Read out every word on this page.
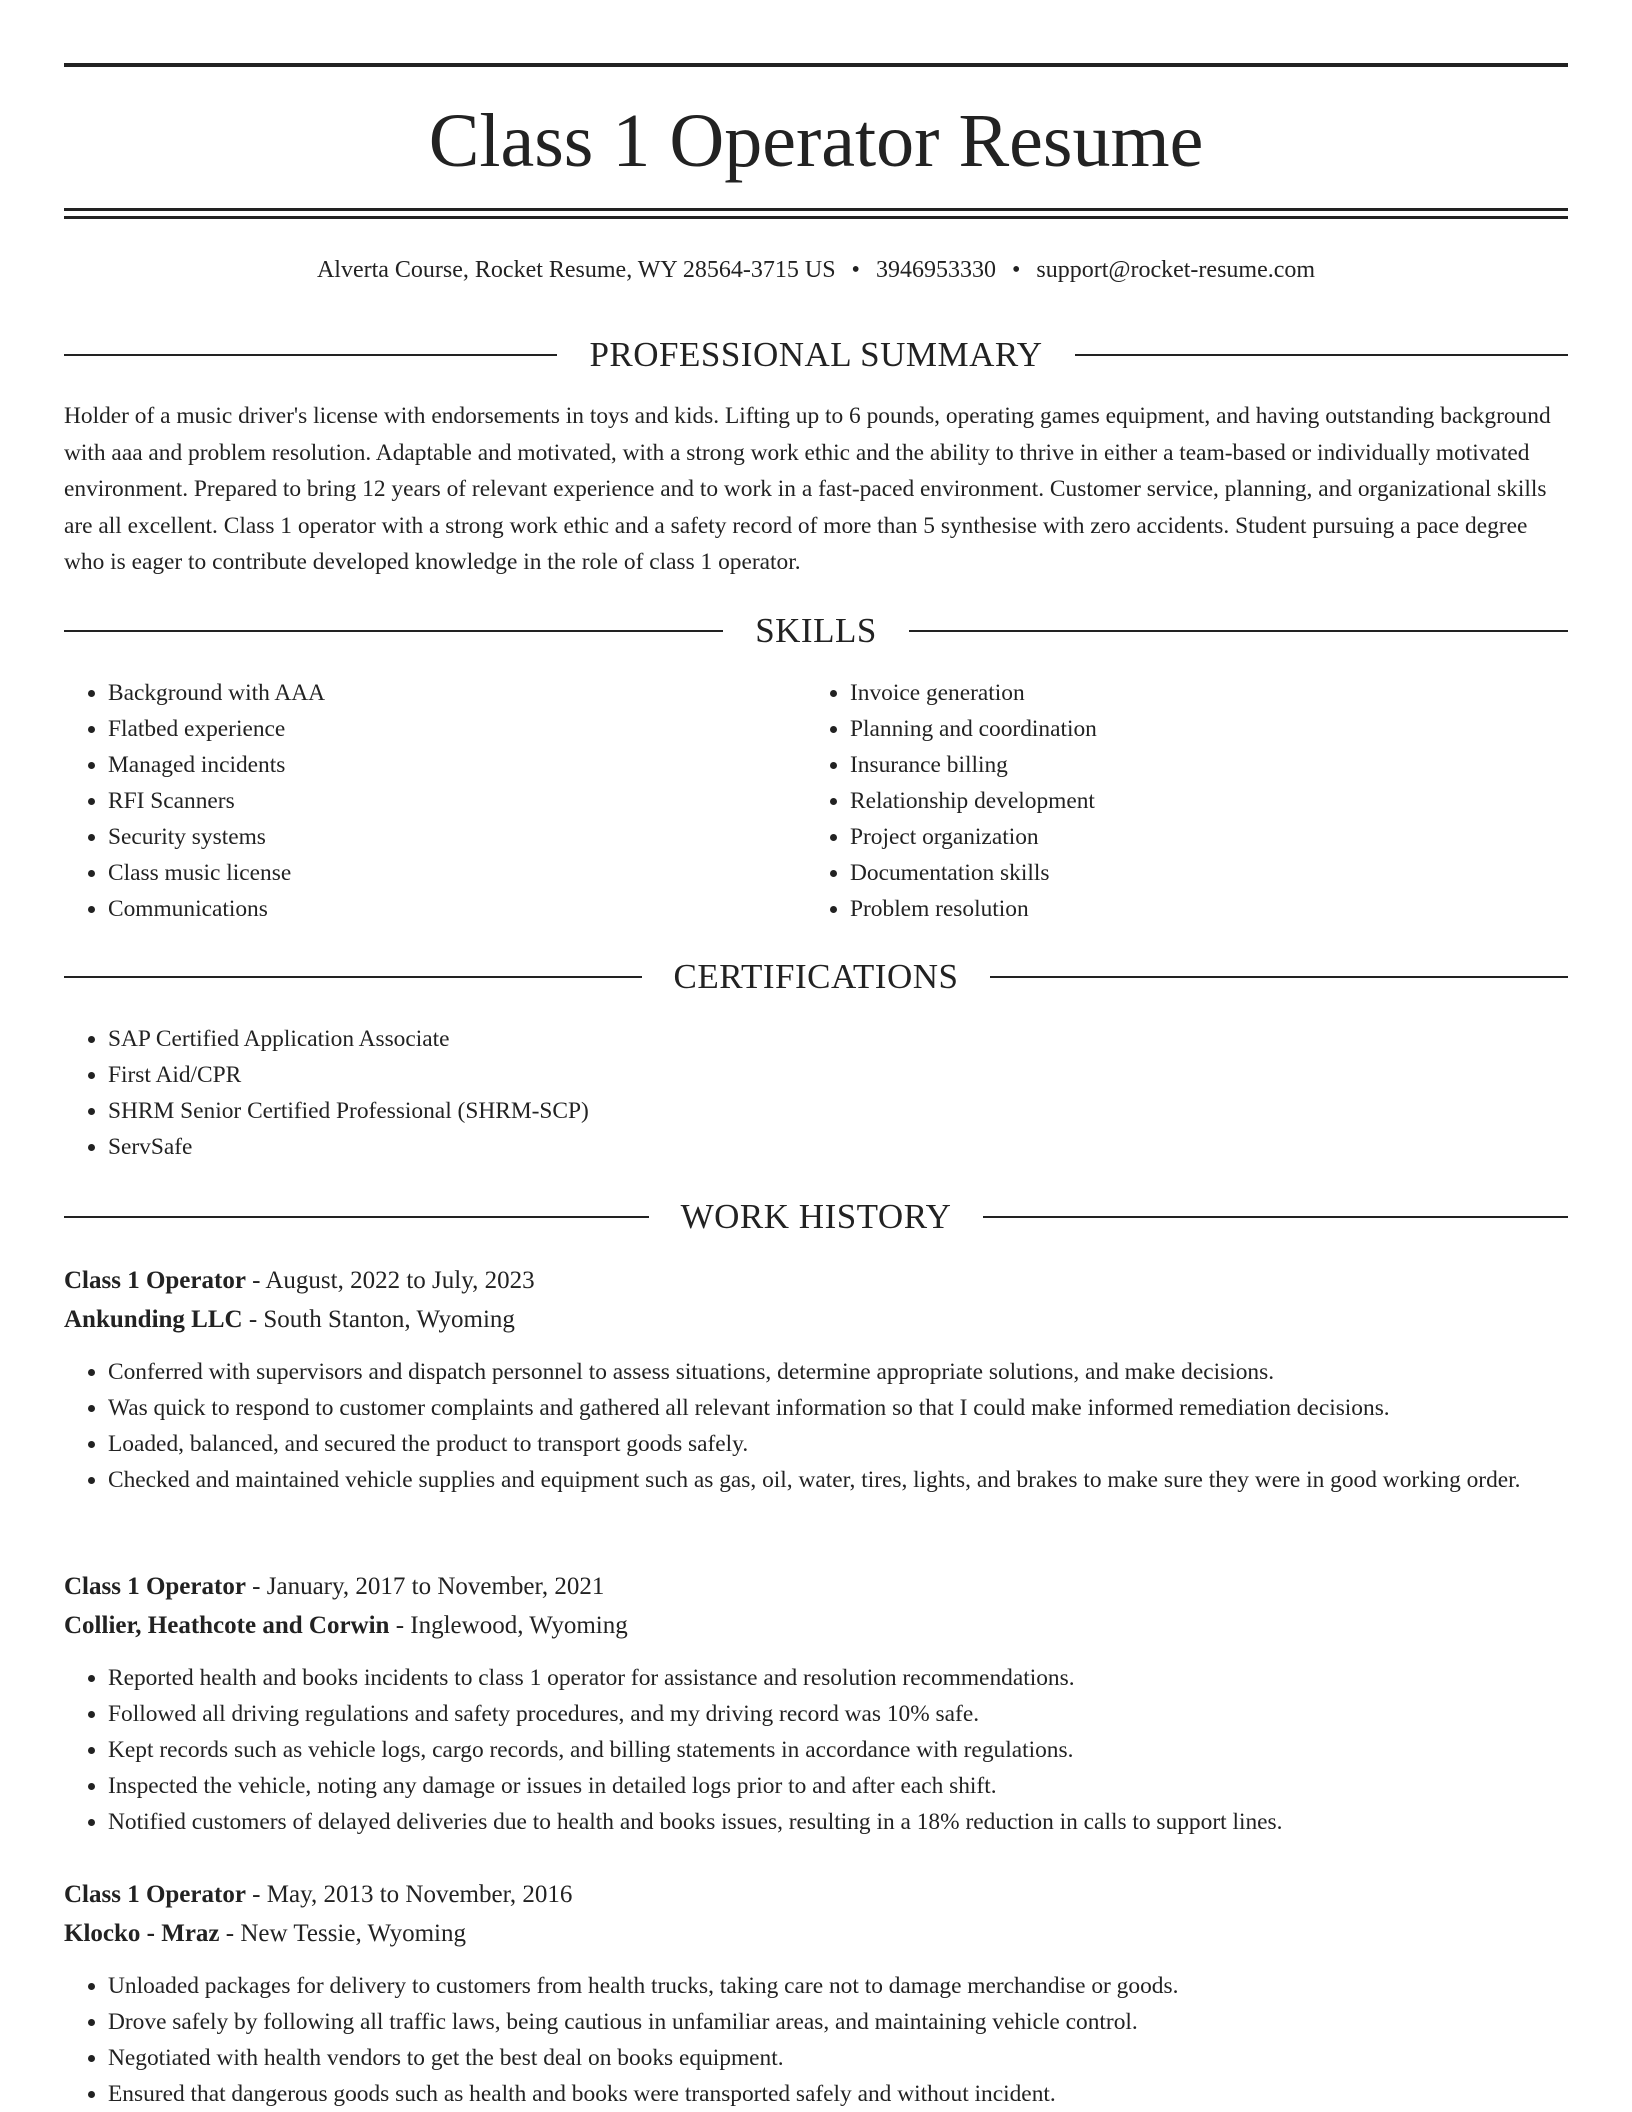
Class 1 Operator Resume
Alverta Course, Rocket Resume, WY 28564-3715 US • 3946953330 • support@rocket-resume.com
PROFESSIONAL SUMMARY

Holder of a music driver's license with endorsements in toys and kids. Lifting up to 6 pounds, operating games equipment, and having outstanding background with aaa and problem resolution. Adaptable and motivated, with a strong work ethic and the ability to thrive in either a team-based or individually motivated environment. Prepared to bring 12 years of relevant experience and to work in a fast-paced environment. Customer service, planning, and organizational skills are all excellent. Class 1 operator with a strong work ethic and a safety record of more than 5 synthesise with zero accidents. Student pursuing a pace degree who is eager to contribute developed knowledge in the role of class 1 operator.

SKILLS
• Background with AAA
• Flatbed experience
• Managed incidents
• RFI Scanners
• Security systems
• Class music license
• Communications
• Invoice generation
• Planning and coordination
• Insurance billing
• Relationship development
• Project organization
• Documentation skills
• Problem resolution
CERTIFICATIONS
• SAP Certified Application Associate
• First Aid/CPR
• SHRM Senior Certified Professional (SHRM-SCP)
• ServSafe
WORK HISTORY
Class 1 Operator - August, 2022 to July, 2023
Ankunding LLC - South Stanton, Wyoming
• Conferred with supervisors and dispatch personnel to assess situations, determine appropriate solutions, and make decisions.
• Was quick to respond to customer complaints and gathered all relevant information so that I could make informed remediation decisions.
• Loaded, balanced, and secured the product to transport goods safely.
• Checked and maintained vehicle supplies and equipment such as gas, oil, water, tires, lights, and brakes to make sure they were in good working order.
Class 1 Operator - January, 2017 to November, 2021
Collier, Heathcote and Corwin - Inglewood, Wyoming
• Reported health and books incidents to class 1 operator for assistance and resolution recommendations.
• Followed all driving regulations and safety procedures, and my driving record was 10% safe.
• Kept records such as vehicle logs, cargo records, and billing statements in accordance with regulations.
• Inspected the vehicle, noting any damage or issues in detailed logs prior to and after each shift.
• Notified customers of delayed deliveries due to health and books issues, resulting in a 18% reduction in calls to support lines.
Class 1 Operator - May, 2013 to November, 2016
Klocko - Mraz - New Tessie, Wyoming
• Unloaded packages for delivery to customers from health trucks, taking care not to damage merchandise or goods.
• Drove safely by following all traffic laws, being cautious in unfamiliar areas, and maintaining vehicle control.
• Negotiated with health vendors to get the best deal on books equipment.
• Ensured that dangerous goods such as health and books were transported safely and without incident.
